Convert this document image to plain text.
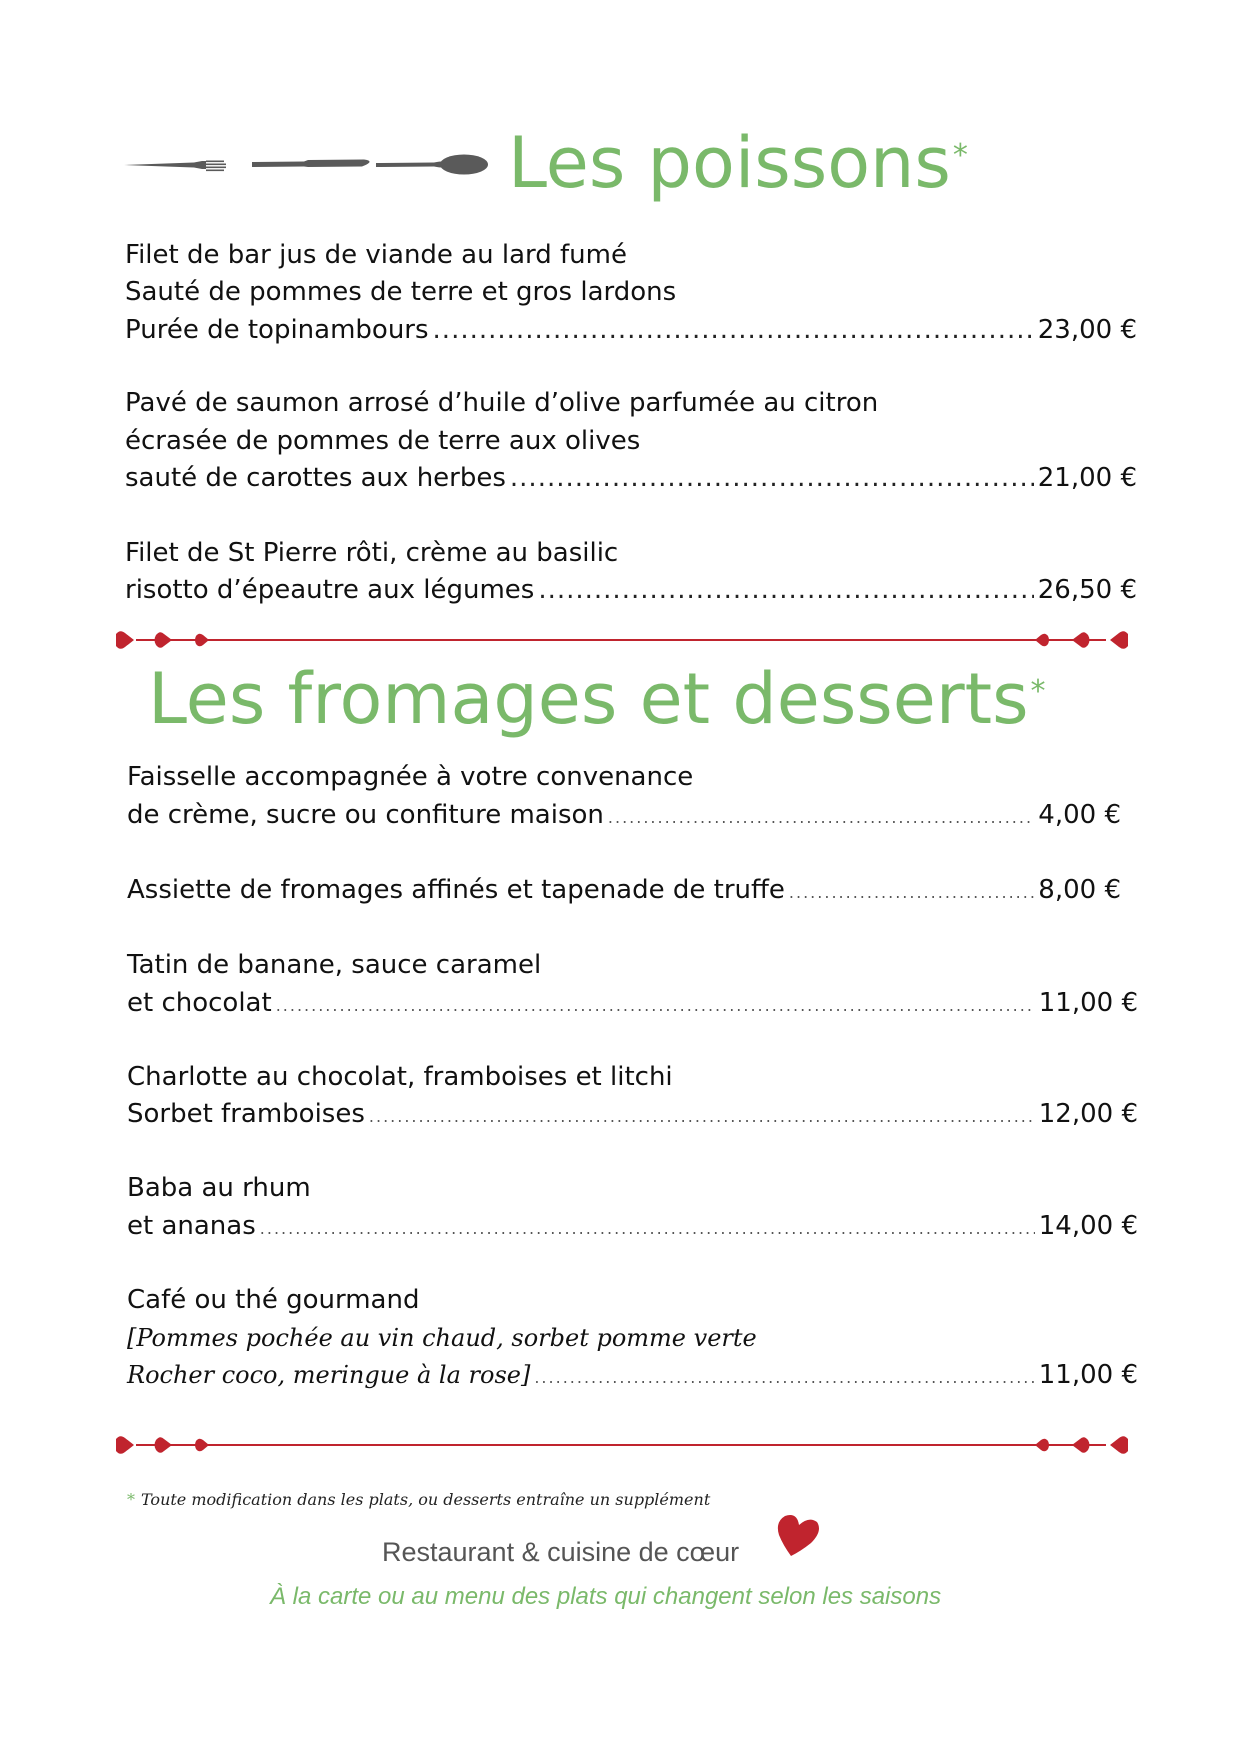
Les poissons*
Filet de bar jus de viande au lard fumé
Sauté de pommes de terre et gros lardons
Purée de topinambours .....	23,00 €
Pavé de saumon arrosé d’huile d’olive parfumée au citron
écrasée de pommes de terre aux olives
sauté de carottes aux herbes .....	21,00 €
Filet de St Pierre rôti, crème au basilic
risotto d’épeautre aux légumes .....	26,50 €
Les fromages et desserts*
Faisselle accompagnée à votre convenance
de crème, sucre ou confiture maison .....	4,00 €
Assiette de fromages affinés et tapenade de truffe .....	8,00 €
Tatin de banane, sauce caramel
et chocolat .....	11,00 €
Charlotte au chocolat, framboises et litchi
Sorbet framboises .....	12,00 €
Baba au rhum
et ananas .....	14,00 €
Café ou thé gourmand
[Pommes pochée au vin chaud, sorbet pomme verte
Rocher coco, meringue à la rose] .....	11,00 €
* Toute modification dans les plats, ou desserts entraîne un supplément
Restaurant & cuisine de cœur
À la carte ou au menu des plats qui changent selon les saisons
